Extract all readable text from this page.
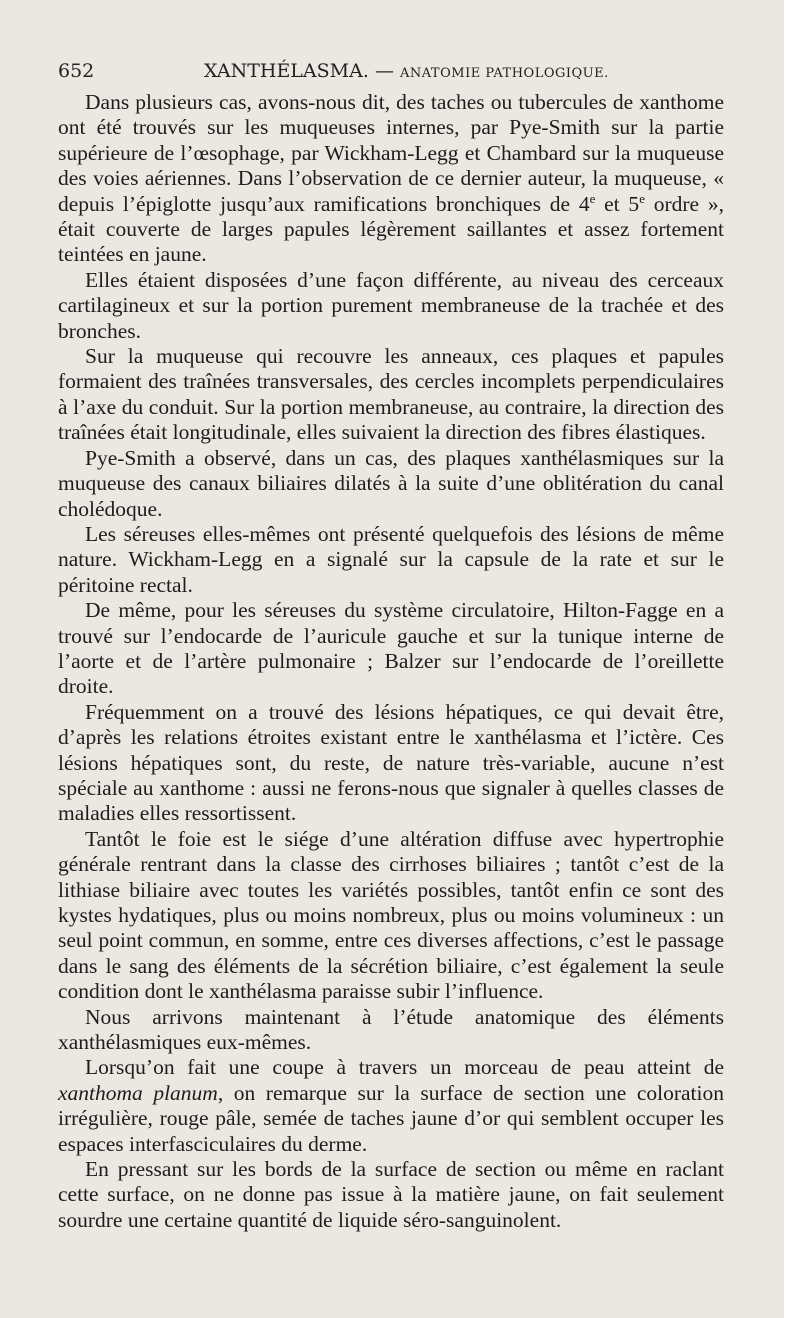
652	XANTHÉLASMA. — ANATOMIE PATHOLOGIQUE.

Dans plusieurs cas, avons-nous dit, des taches ou tubercules de xanthome ont été trouvés sur les muqueuses internes, par Pye-Smith sur la partie supérieure de l’œsophage, par Wickham-Legg et Chambard sur la muqueuse des voies aériennes. Dans l’observation de ce dernier auteur, la muqueuse, « depuis l’épiglotte jusqu’aux ramifications bronchiques de 4e et 5e ordre », était couverte de larges papules légèrement saillantes et assez fortement teintées en jaune.

Elles étaient disposées d’une façon différente, au niveau des cerceaux cartilagineux et sur la portion purement membraneuse de la trachée et des bronches.

Sur la muqueuse qui recouvre les anneaux, ces plaques et papules formaient des traînées transversales, des cercles incomplets perpendiculaires à l’axe du conduit. Sur la portion membraneuse, au contraire, la direction des traînées était longitudinale, elles suivaient la direction des fibres élastiques.

Pye-Smith a observé, dans un cas, des plaques xanthélasmiques sur la muqueuse des canaux biliaires dilatés à la suite d’une oblitération du canal cholédoque.

Les séreuses elles-mêmes ont présenté quelquefois des lésions de même nature. Wickham-Legg en a signalé sur la capsule de la rate et sur le péritoine rectal.

De même, pour les séreuses du système circulatoire, Hilton-Fagge en a trouvé sur l’endocarde de l’auricule gauche et sur la tunique interne de l’aorte et de l’artère pulmonaire ; Balzer sur l’endocarde de l’oreillette droite.

Fréquemment on a trouvé des lésions hépatiques, ce qui devait être, d’après les relations étroites existant entre le xanthélasma et l’ictère. Ces lésions hépatiques sont, du reste, de nature très-variable, aucune n’est spéciale au xanthome : aussi ne ferons-nous que signaler à quelles classes de maladies elles ressortissent.

Tantôt le foie est le siége d’une altération diffuse avec hypertrophie générale rentrant dans la classe des cirrhoses biliaires ; tantôt c’est de la lithiase biliaire avec toutes les variétés possibles, tantôt enfin ce sont des kystes hydatiques, plus ou moins nombreux, plus ou moins volumineux : un seul point commun, en somme, entre ces diverses affections, c’est le passage dans le sang des éléments de la sécrétion biliaire, c’est également la seule condition dont le xanthélasma paraisse subir l’influence.

Nous arrivons maintenant à l’étude anatomique des éléments xanthélasmiques eux-mêmes.

Lorsqu’on fait une coupe à travers un morceau de peau atteint de xanthoma planum, on remarque sur la surface de section une coloration irrégulière, rouge pâle, semée de taches jaune d’or qui semblent occuper les espaces interfasciculaires du derme.

En pressant sur les bords de la surface de section ou même en raclant cette surface, on ne donne pas issue à la matière jaune, on fait seulement sourdre une certaine quantité de liquide séro-sanguinolent.
